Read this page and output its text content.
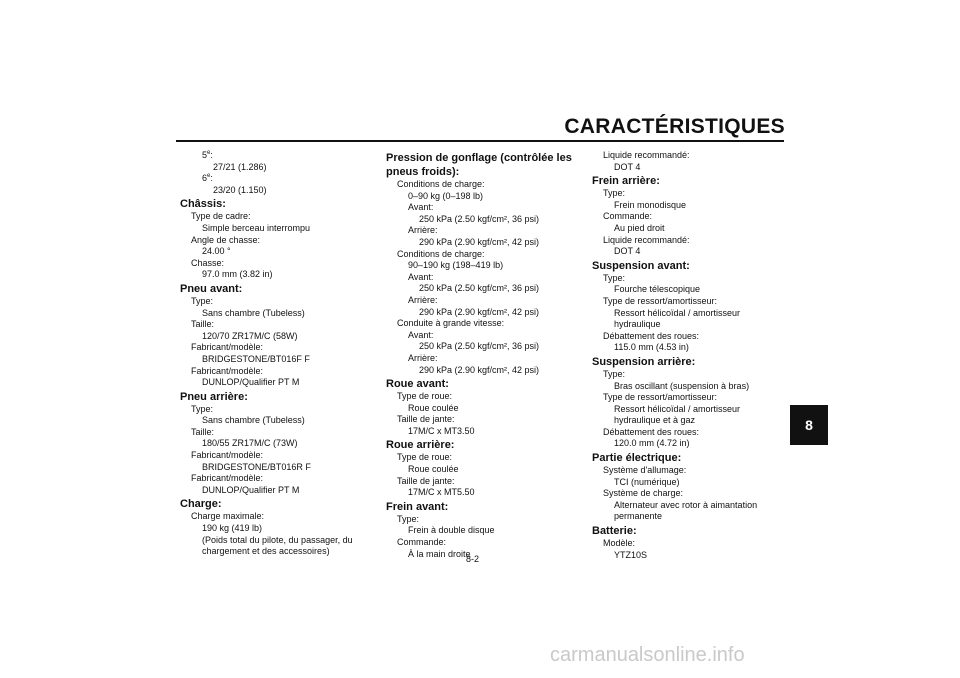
CARACTÉRISTIQUES
8
5e:
27/21 (1.286)
6e:
23/20 (1.150)
Châssis:
Type de cadre:
Simple berceau interrompu
Angle de chasse:
24.00 °
Chasse:
97.0 mm (3.82 in)
Pneu avant:
Type:
Sans chambre (Tubeless)
Taille:
120/70 ZR17M/C (58W)
Fabricant/modèle:
BRIDGESTONE/BT016F F
Fabricant/modèle:
DUNLOP/Qualifier PT M
Pneu arrière:
Type:
Sans chambre (Tubeless)
Taille:
180/55 ZR17M/C (73W)
Fabricant/modèle:
BRIDGESTONE/BT016R F
Fabricant/modèle:
DUNLOP/Qualifier PT M
Charge:
Charge maximale:
190 kg (419 lb)
(Poids total du pilote, du passager, du
chargement et des accessoires)
Pression de gonflage (contrôlée les
pneus froids):
Conditions de charge:
0–90 kg (0–198 lb)
Avant:
250 kPa (2.50 kgf/cm², 36 psi)
Arrière:
290 kPa (2.90 kgf/cm², 42 psi)
Conditions de charge:
90–190 kg (198–419 lb)
Avant:
250 kPa (2.50 kgf/cm², 36 psi)
Arrière:
290 kPa (2.90 kgf/cm², 42 psi)
Conduite à grande vitesse:
Avant:
250 kPa (2.50 kgf/cm², 36 psi)
Arrière:
290 kPa (2.90 kgf/cm², 42 psi)
Roue avant:
Type de roue:
Roue coulée
Taille de jante:
17M/C x MT3.50
Roue arrière:
Type de roue:
Roue coulée
Taille de jante:
17M/C x MT5.50
Frein avant:
Type:
Frein à double disque
Commande:
À la main droite
Liquide recommandé:
DOT 4
Frein arrière:
Type:
Frein monodisque
Commande:
Au pied droit
Liquide recommandé:
DOT 4
Suspension avant:
Type:
Fourche télescopique
Type de ressort/amortisseur:
Ressort hélicoïdal / amortisseur
hydraulique
Débattement des roues:
115.0 mm (4.53 in)
Suspension arrière:
Type:
Bras oscillant (suspension à bras)
Type de ressort/amortisseur:
Ressort hélicoïdal / amortisseur
hydraulique et à gaz
Débattement des roues:
120.0 mm (4.72 in)
Partie électrique:
Système d'allumage:
TCI (numérique)
Système de charge:
Alternateur avec rotor à aimantation
permanente
Batterie:
Modèle:
YTZ10S
8-2
carmanualsonline.info
